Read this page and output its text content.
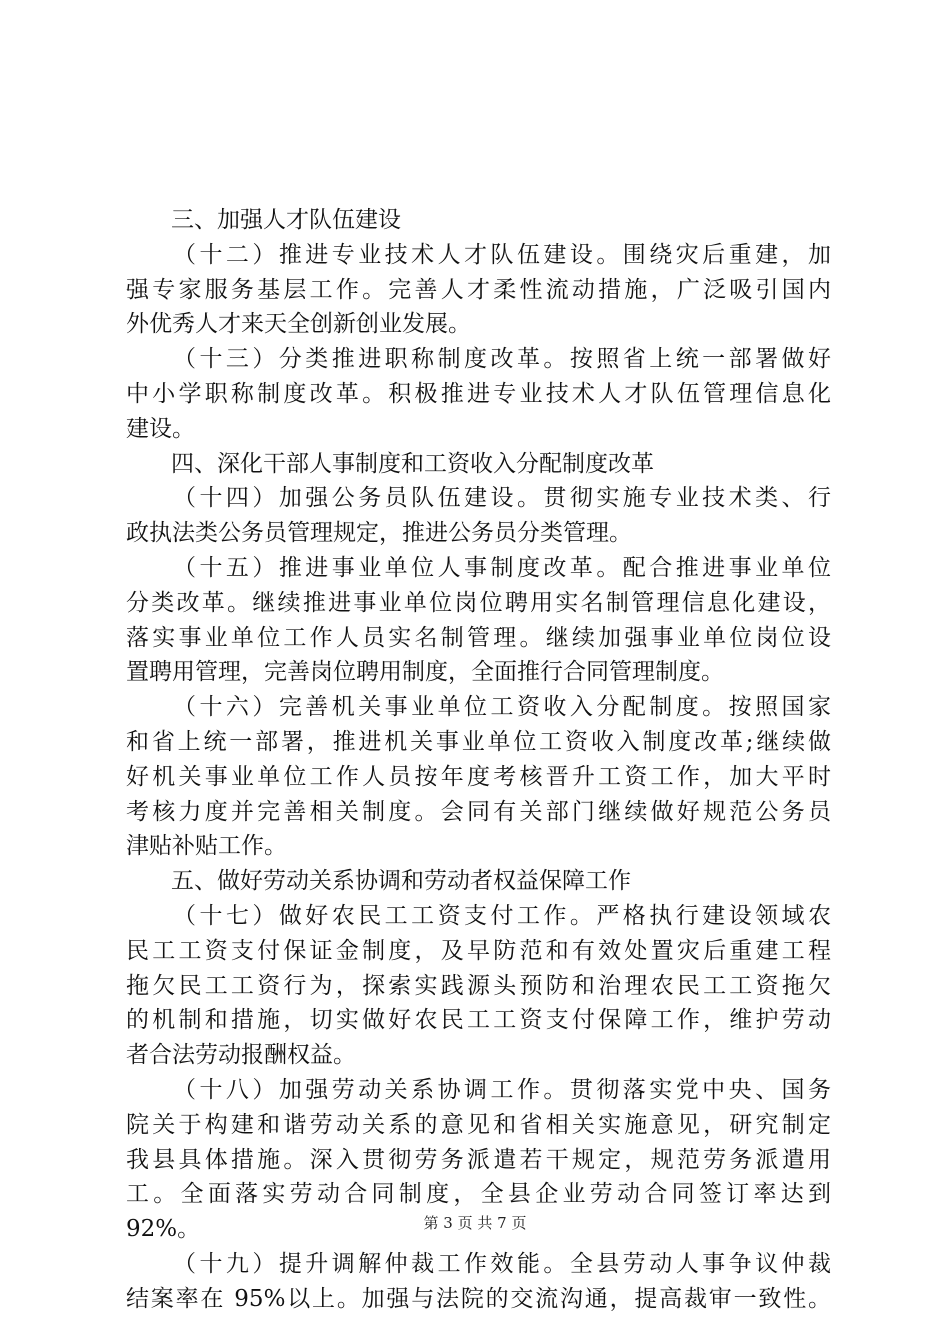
三、加强人才队伍建设
（十二）推进专业技术人才队伍建设。围绕灾后重建，加
强专家服务基层工作。完善人才柔性流动措施，广泛吸引国内
外优秀人才来天全创新创业发展。
（十三）分类推进职称制度改革。按照省上统一部署做好
中小学职称制度改革。积极推进专业技术人才队伍管理信息化
建设。
四、深化干部人事制度和工资收入分配制度改革
（十四）加强公务员队伍建设。贯彻实施专业技术类、行
政执法类公务员管理规定，推进公务员分类管理。
（十五）推进事业单位人事制度改革。配合推进事业单位
分类改革。继续推进事业单位岗位聘用实名制管理信息化建设，
落实事业单位工作人员实名制管理。继续加强事业单位岗位设
置聘用管理，完善岗位聘用制度，全面推行合同管理制度。
（十六）完善机关事业单位工资收入分配制度。按照国家
和省上统一部署，推进机关事业单位工资收入制度改革;继续做
好机关事业单位工作人员按年度考核晋升工资工作，加大平时
考核力度并完善相关制度。会同有关部门继续做好规范公务员
津贴补贴工作。
五、做好劳动关系协调和劳动者权益保障工作
（十七）做好农民工工资支付工作。严格执行建设领域农
民工工资支付保证金制度，及早防范和有效处置灾后重建工程
拖欠民工工资行为，探索实践源头预防和治理农民工工资拖欠
的机制和措施，切实做好农民工工资支付保障工作，维护劳动
者合法劳动报酬权益。
（十八）加强劳动关系协调工作。贯彻落实党中央、国务
院关于构建和谐劳动关系的意见和省相关实施意见，研究制定
我县具体措施。深入贯彻劳务派遣若干规定，规范劳务派遣用
工。全面落实劳动合同制度，全县企业劳动合同签订率达到
92%。
（十九）提升调解仲裁工作效能。全县劳动人事争议仲裁
结案率在 95%以上。加强与法院的交流沟通，提高裁审一致性。
第 3 页 共 7 页
